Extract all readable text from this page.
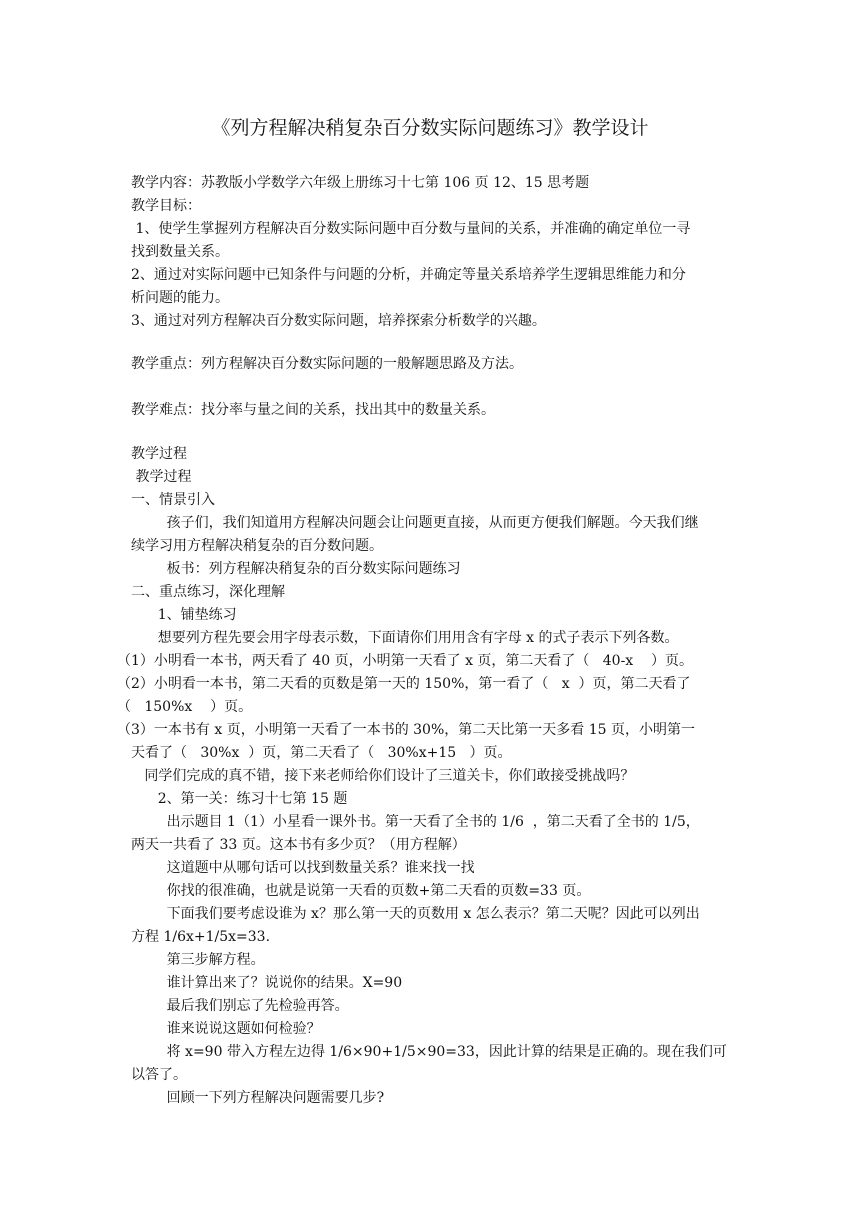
《列方程解决稍复杂百分数实际问题练习》教学设计
教学内容：苏教版小学数学六年级上册练习十七第 106 页 12、15 思考题
教学目标：
1、使学生掌握列方程解决百分数实际问题中百分数与量间的关系，并准确的确定单位一寻
找到数量关系。
2、通过对实际问题中已知条件与问题的分析，并确定等量关系培养学生逻辑思维能力和分
析问题的能力。
3、通过对列方程解决百分数实际问题，培养探索分析数学的兴趣。
教学重点：列方程解决百分数实际问题的一般解题思路及方法。
教学难点：找分率与量之间的关系，找出其中的数量关系。
教学过程
教学过程
一、情景引入
孩子们，我们知道用方程解决问题会让问题更直接，从而更方便我们解题。今天我们继
续学习用方程解决稍复杂的百分数问题。
板书：列方程解决稍复杂的百分数实际问题练习
二、重点练习，深化理解
1、铺垫练习
想要列方程先要会用字母表示数，下面请你们用用含有字母 x 的式子表示下列各数。
（1）小明看一本书，两天看了 40 页，小明第一天看了 x 页，第二天看了（   40-x    ）页。
（2）小明看一本书，第二天看的页数是第一天的 150%，第一看了（   x  ）页，第二天看了
（   150%x    ）页。
（3）一本书有 x 页，小明第一天看了一本书的 30%，第二天比第一天多看 15 页，小明第一
天看了（   30%x  ）页，第二天看了（   30%x+15   ）页。
同学们完成的真不错，接下来老师给你们设计了三道关卡，你们敢接受挑战吗？
2、第一关：练习十七第 15 题
出示题目 1（1）小星看一课外书。第一天看了全书的 1/6  ，第二天看了全书的 1/5，
两天一共看了 33 页。这本书有多少页？（用方程解）
这道题中从哪句话可以找到数量关系？谁来找一找
你找的很准确，也就是说第一天看的页数+第二天看的页数=33 页。
下面我们要考虑设谁为 x？那么第一天的页数用 x 怎么表示？第二天呢？因此可以列出
方程 1/6x+1/5x=33.
第三步解方程。
谁计算出来了？说说你的结果。X=90
最后我们别忘了先检验再答。
谁来说说这题如何检验？
将 x=90 带入方程左边得 1/6×90+1/5×90=33，因此计算的结果是正确的。现在我们可
以答了。
回顾一下列方程解决问题需要几步?
